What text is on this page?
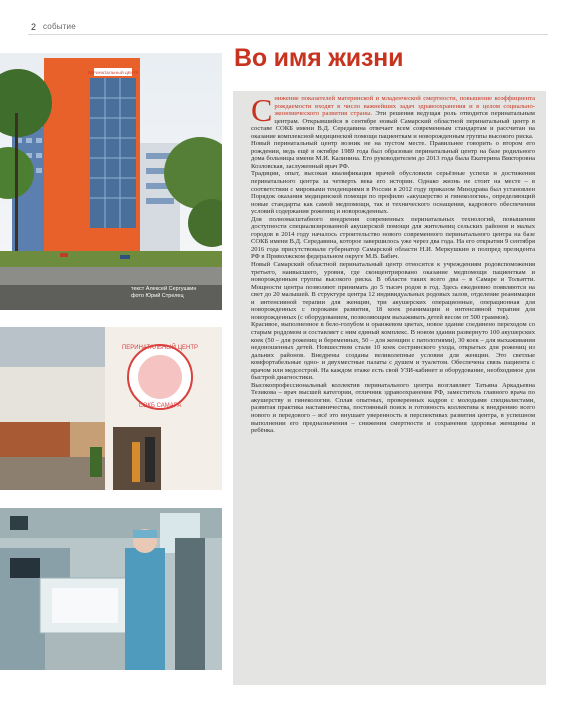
2 событие
ПЕРИНАТАЛЬНЫЙ ЦЕНТР
текст Алексей Сергушкин
фото Юрий Стрелец
ПЕРИНАТАЛЬНЫЙ ЦЕНТР
СОКБ САМАРА
Во имя жизни

Снижение показателей материнской и младенческой смертности, повышение коэффициента рождаемости входят в число важнейших задач здравоохранения и в целом социально-экономического развития страны. Эти решения ведущая роль отводится перинатальным центрам. Открывшийся в сентябре новый Самарский областной перинатальный центр в составе СОКБ имени В.Д. Середавина отвечает всем современным стандартам и рассчитан на оказание комплексной медицинской помощи пациенткам и новорожденным группы высокого риска.

Новый перинатальный центр возник не на пустом месте. Правильнее говорить о втором его рождении, ведь ещё в октябре 1989 года был образован перинатальный центр на базе родильного дома больницы имени М.И. Калинина. Его руководителем до 2013 года была Екатерина Викторовна Козловская, заслуженный врач РФ.

Традиции, опыт, высокая квалификация врачей обусловили серьёзные успехи и достижения перинатального центра за четверть века его истории. Однако жизнь не стоит на месте – в соответствии с мировыми тенденциями в России в 2012 году приказом Минздрава был установлен Порядок оказания медицинской помощи по профилю «акушерство и гинекология», определяющий новые стандарты как самой медпомощи, так и технического оснащения, кадрового обеспечения условий содержания рожениц и новорожденных.

Для полномасштабного внедрения современных перинатальных технологий, повышения доступности специализированной акушерской помощи для жительниц сельских районов и малых городов в 2014 году началось строительство нового современного перинатального центра на базе СОКБ имени В.Д. Середавина, которое завершилось уже через два года. На его открытии 9 сентября 2016 года присутствовали губернатор Самарской области Н.И. Меркушкин и полпред президента РФ в Приволжском федеральном округе М.В. Бабич.

Новый Самарский областной перинатальный центр относится к учреждениям родовспоможения третьего, наивысшего, уровня, где сконцентрировано оказание медпомощи пациенткам и новорожденным группы высокого риска. В области таких всего два – в Самаре и Тольятти. Мощности центра позволяют принимать до 5 тысяч родов в год. Здесь ежедневно появляются на свет до 20 малышей. В структуре центра 12 индивидуальных родовых залов, отделение реанимации и интенсивной терапии для женщин, три акушерских операционные, операционная для новорожденных с пороками развития, 18 коек реанимации и интенсивной терапии для новорожденных (с оборудованием, позволяющим выхаживать детей весом от 500 граммов).

Красивое, выполненное в бело-голубом и оранжевом цветах, новое здание соединено переходом со старым роддомом и составляет с ним единый комплекс. В новом здании развернуто 100 акушерских коек (50 – для рожениц и беременных, 50 – для женщин с патологиями), 30 коек – для выхаживания недоношенных детей. Новшеством стали 10 коек сестринского ухода, открытых для рожениц из дальних районов. Внедрены созданы великолепные условия для женщин. Это светлые комфортабельные одно- и двухместные палаты с душем и туалетом. Обеспечена связь пациента с врачом или медсестрой. На каждом этаже есть свой УЗИ-кабинет и оборудование, необходимое для быстрой диагностики.

Высокопрофессиональный коллектив перинатального центра возглавляет Татьяна Аркадьевна Тезикова – врач высшей категории, отличник здравоохранения РФ, заместитель главного врача по акушерству и гинекологии. Сплав опытных, проверенных кадров с молодыми специалистами, развитая практика наставничества, постоянный поиск и готовность коллектива к внедрению всего нового и передового – всё это внушает уверенность в перспективах развития центра, в успешном выполнении его предназначения – снижения смертности и сохранения здоровья женщины и ребёнка.
